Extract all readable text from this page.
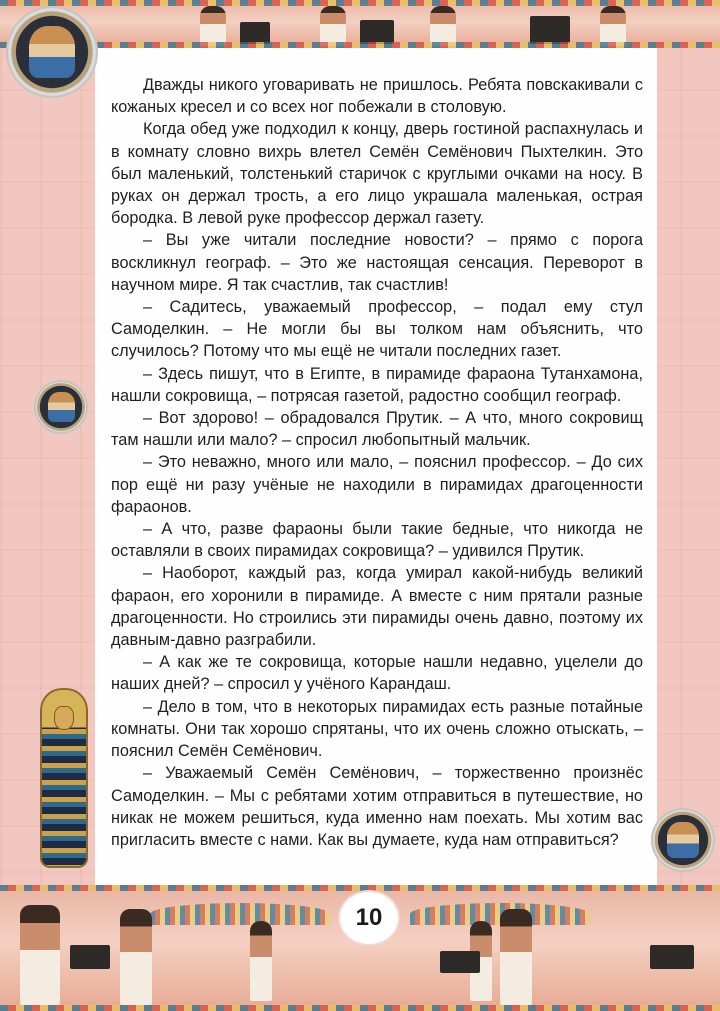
Дважды никого уговаривать не пришлось. Ребята повскакивали с кожаных кресел и со всех ног побежали в столовую.

Когда обед уже подходил к концу, дверь гостиной распахнулась и в комнату словно вихрь влетел Семён Семёнович Пыхтелкин. Это был маленький, толстенький старичок с круглыми очками на носу. В руках он держал трость, а его лицо украшала маленькая, острая бородка. В левой руке профессор держал газету.

– Вы уже читали последние новости? – прямо с порога воскликнул географ. – Это же настоящая сенсация. Переворот в научном мире. Я так счастлив, так счастлив!

– Садитесь, уважаемый профессор, – подал ему стул Самоделкин. – Не могли бы вы толком нам объяснить, что случилось? Потому что мы ещё не читали последних газет.

– Здесь пишут, что в Египте, в пирамиде фараона Тутанхамона, нашли сокровища, – потрясая газетой, радостно сообщил географ.

– Вот здорово! – обрадовался Прутик. – А что, много сокровищ там нашли или мало? – спросил любопытный мальчик.

– Это неважно, много или мало, – пояснил профессор. – До сих пор ещё ни разу учёные не находили в пирамидах драгоценности фараонов.

– А что, разве фараоны были такие бедные, что никогда не оставляли в своих пирамидах сокровища? – удивился Прутик.

– Наоборот, каждый раз, когда умирал какой-нибудь великий фараон, его хоронили в пирамиде. А вместе с ним прятали разные драгоценности. Но строились эти пирамиды очень давно, поэтому их давным-давно разграбили.

– А как же те сокровища, которые нашли недавно, уцелели до наших дней? – спросил у учёного Карандаш.

– Дело в том, что в некоторых пирамидах есть разные потайные комнаты. Они так хорошо спрятаны, что их очень сложно отыскать, – пояснил Семён Семёнович.

– Уважаемый Семён Семёнович, – торжественно произнёс Самоделкин. – Мы с ребятами хотим отправиться в путешествие, но никак не можем решиться, куда именно нам поехать. Мы хотим вас пригласить вместе с нами. Как вы думаете, куда нам отправиться?

10
